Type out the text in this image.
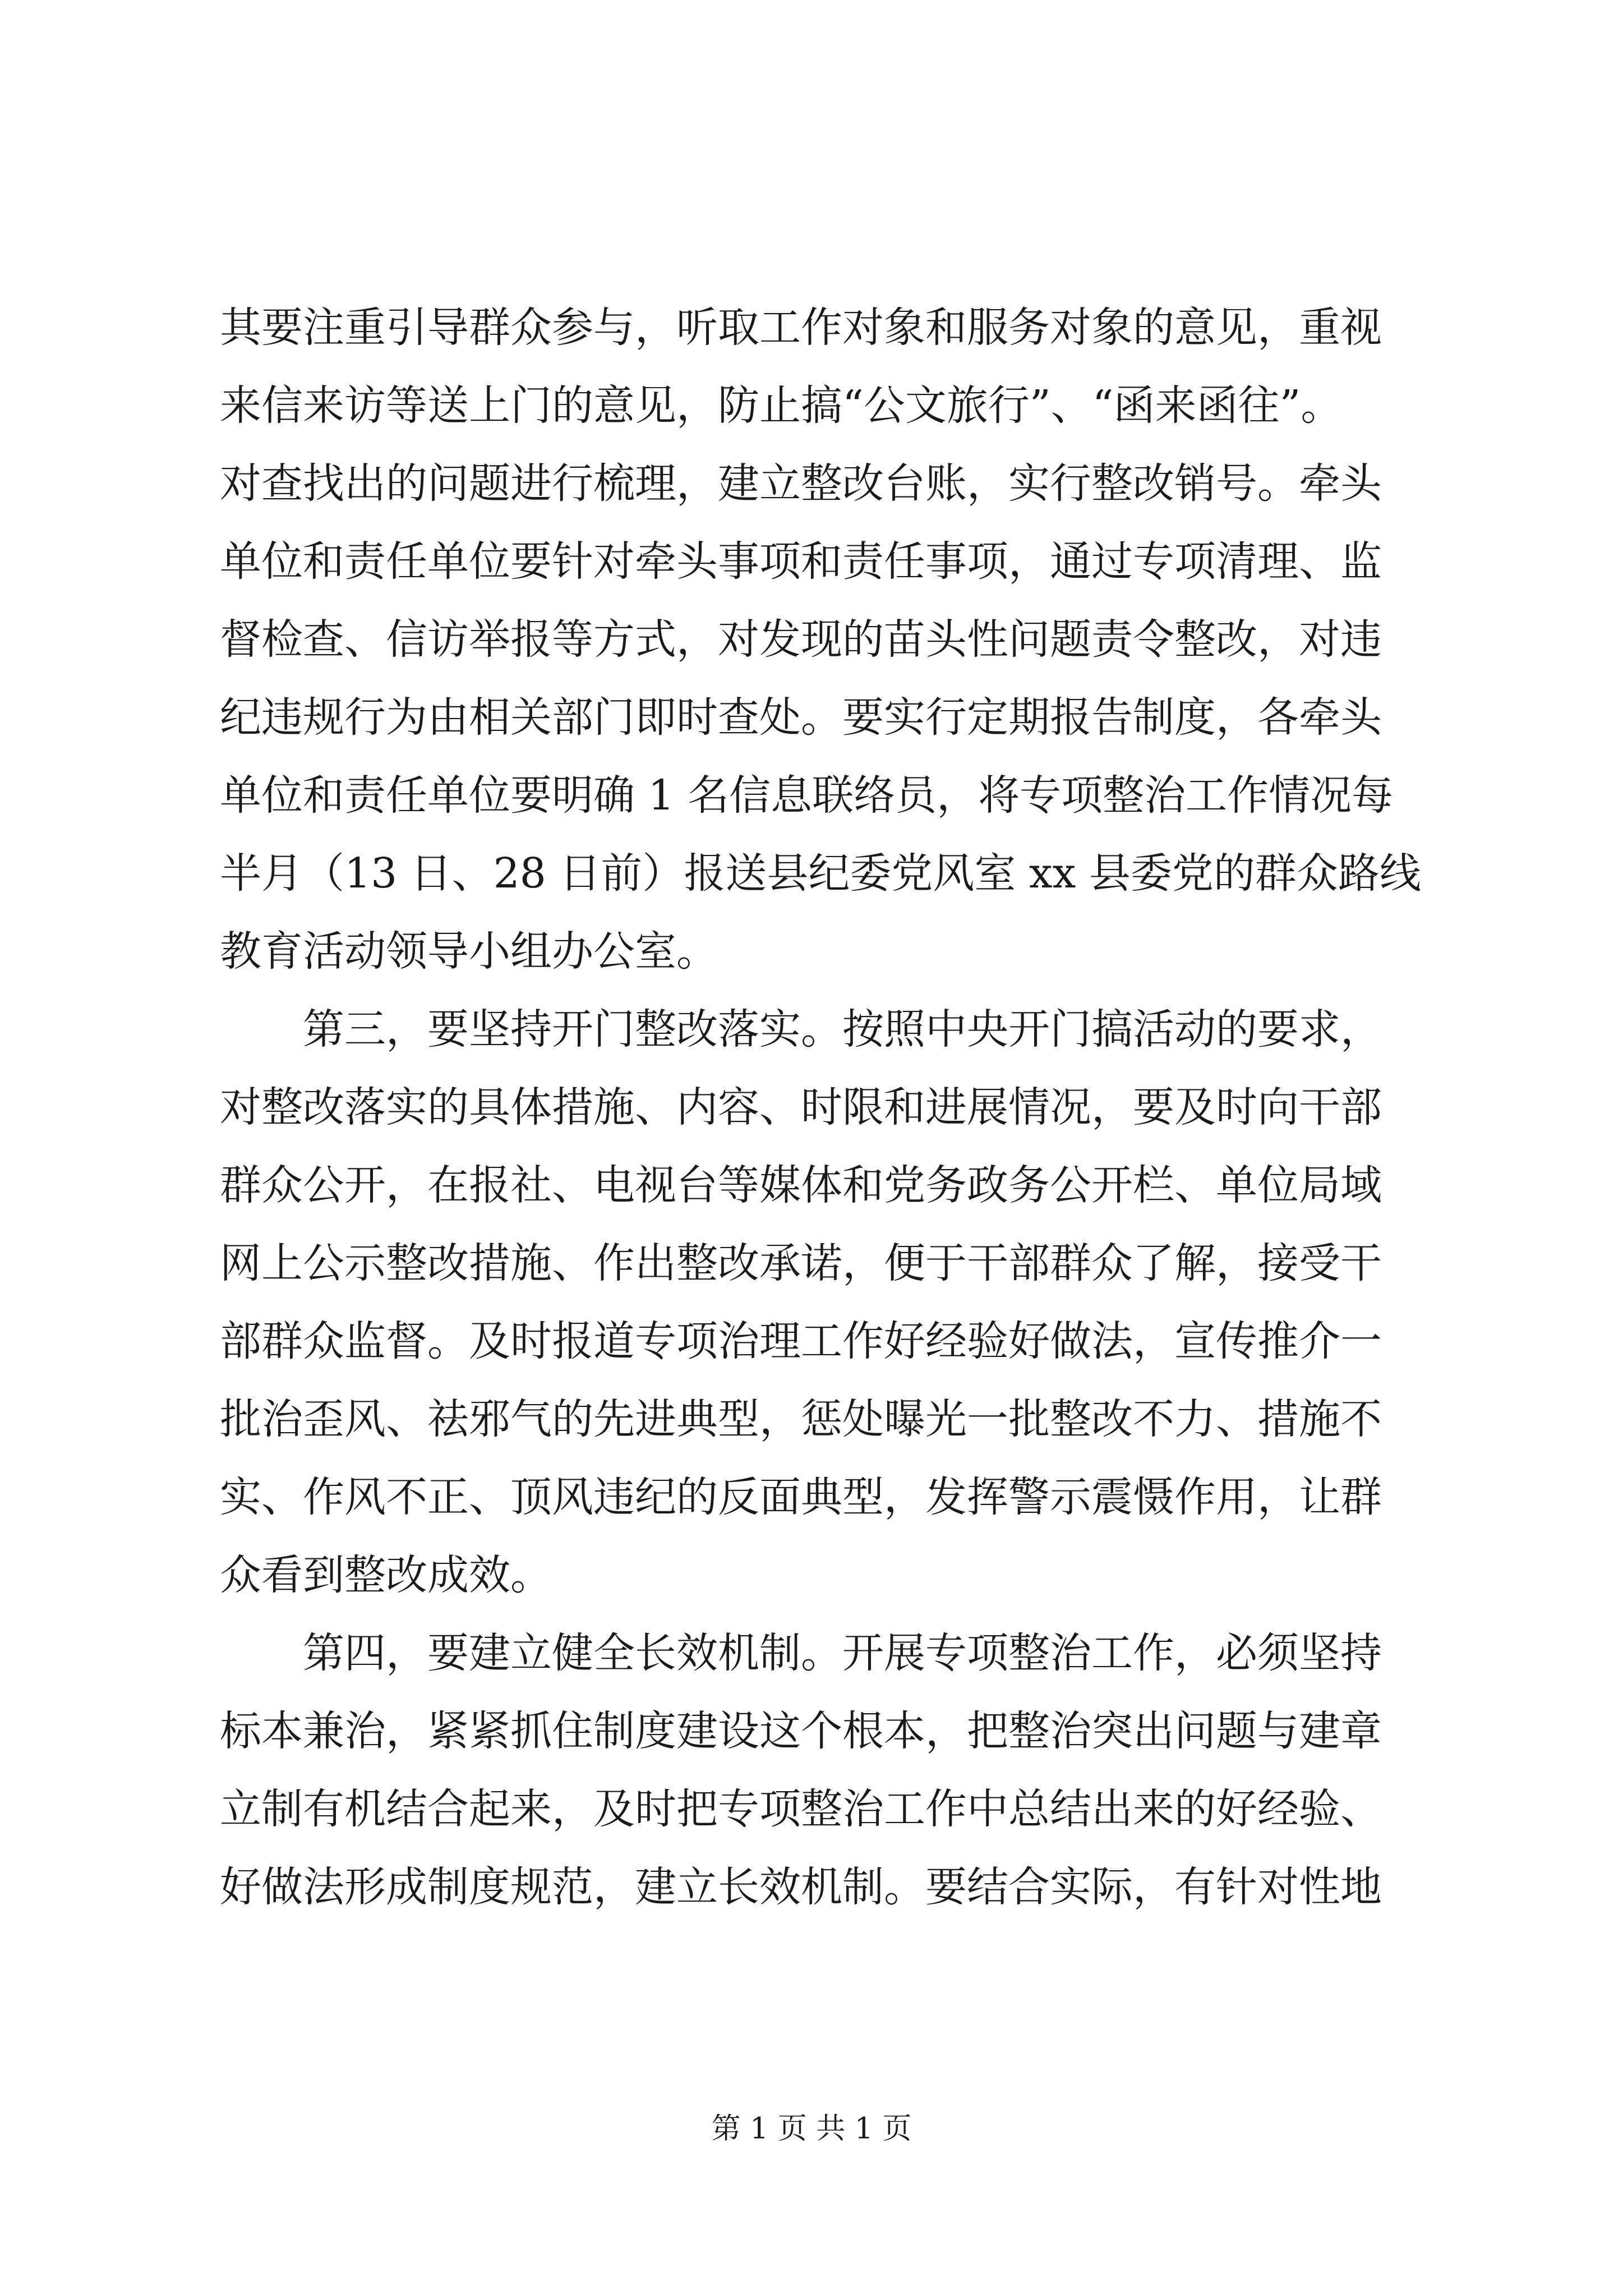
其要注重引导群众参与，听取工作对象和服务对象的意见，重视
来信来访等送上门的意见，防止搞“公文旅行”、“函来函往”。
对查找出的问题进行梳理，建立整改台账，实行整改销号。牵头
单位和责任单位要针对牵头事项和责任事项，通过专项清理、监
督检查、信访举报等方式，对发现的苗头性问题责令整改，对违
纪违规行为由相关部门即时查处。要实行定期报告制度，各牵头
单位和责任单位要明确 1 名信息联络员，将专项整治工作情况每
半月（13 日、28 日前）报送县纪委党风室 xx 县委党的群众路线
教育活动领导小组办公室。
第三，要坚持开门整改落实。按照中央开门搞活动的要求，
对整改落实的具体措施、内容、时限和进展情况，要及时向干部
群众公开，在报社、电视台等媒体和党务政务公开栏、单位局域
网上公示整改措施、作出整改承诺，便于干部群众了解，接受干
部群众监督。及时报道专项治理工作好经验好做法，宣传推介一
批治歪风、祛邪气的先进典型，惩处曝光一批整改不力、措施不
实、作风不正、顶风违纪的反面典型，发挥警示震慑作用，让群
众看到整改成效。
第四，要建立健全长效机制。开展专项整治工作，必须坚持
标本兼治，紧紧抓住制度建设这个根本，把整治突出问题与建章
立制有机结合起来，及时把专项整治工作中总结出来的好经验、
好做法形成制度规范，建立长效机制。要结合实际，有针对性地
第 1 页 共 1 页
